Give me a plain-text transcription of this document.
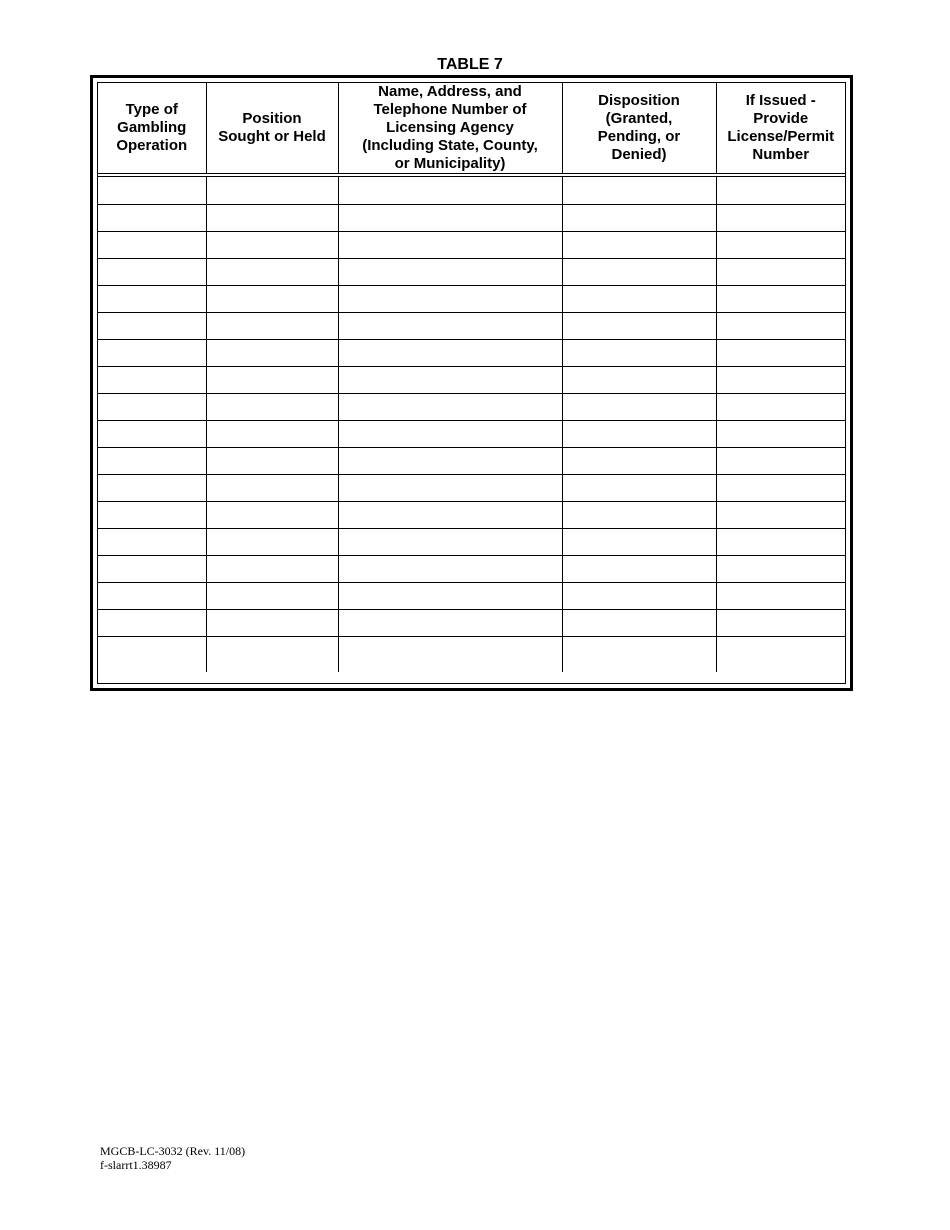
TABLE 7
Type of
Gambling
Operation	Position
Sought or Held	Name, Address, and
Telephone Number of
Licensing Agency
(Including State, County,
or Municipality)	Disposition
(Granted,
Pending, or
Denied)	If Issued -
Provide
License/Permit
Number

MGCB-LC-3032 (Rev. 11/08)
f-slarrt1.38987
